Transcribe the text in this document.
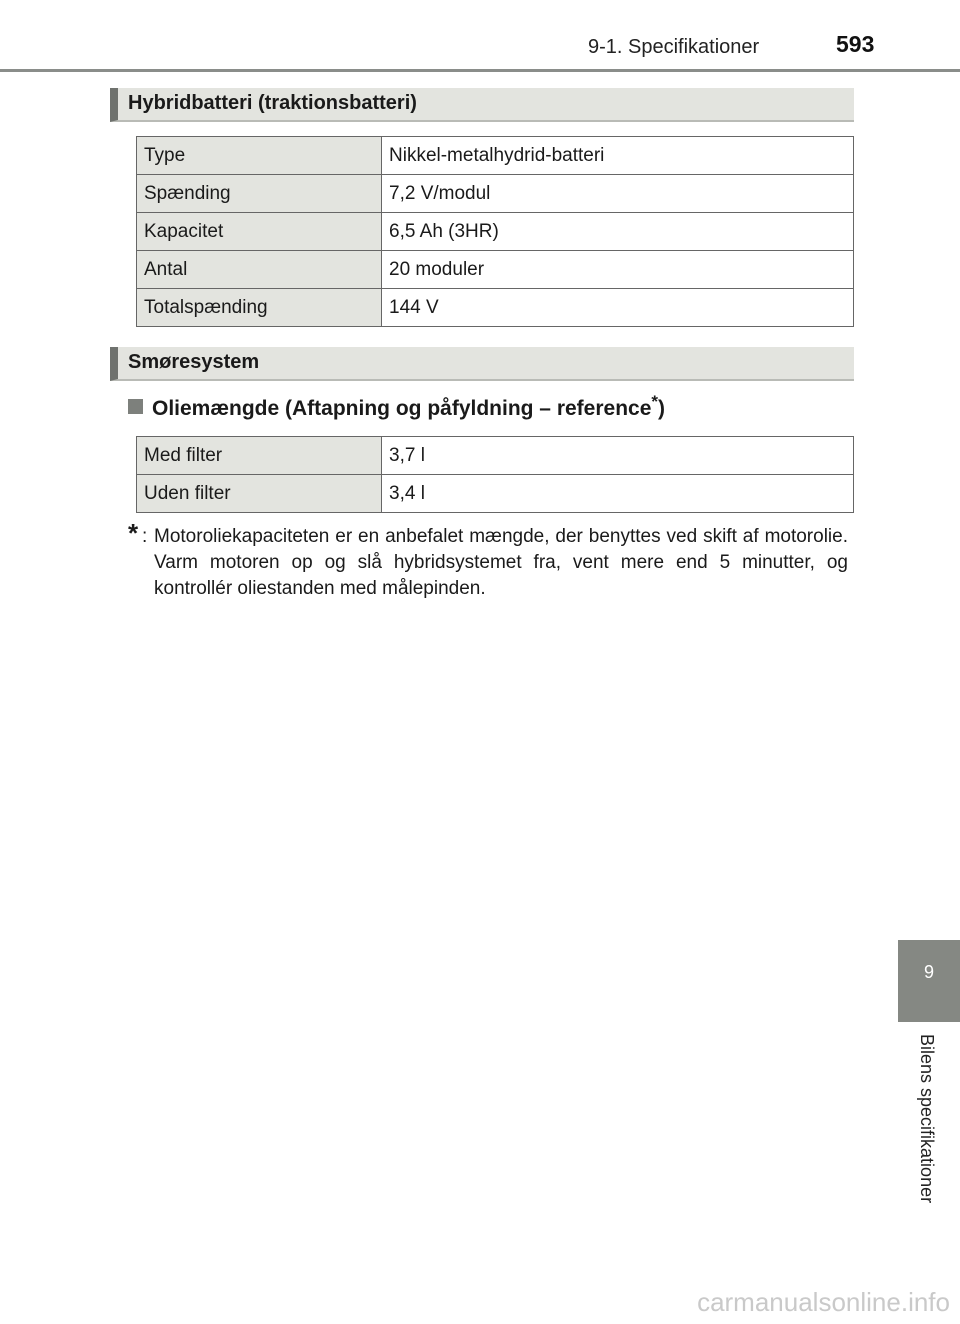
9-1. Specifikationer	593
Hybridbatteri (traktionsbatteri)
Type	Nikkel-metalhydrid-batteri
Spænding	7,2 V/modul
Kapacitet	6,5 Ah (3HR)
Antal	20 moduler
Totalspænding	144 V
Smøresystem
Oliemængde (Aftapning og påfyldning – reference*)
Med filter	3,7 l
Uden filter	3,4 l
* : Motoroliekapaciteten er en anbefalet mængde, der benyttes ved skift af motorolie. Varm motoren op og slå hybridsystemet fra, vent mere end 5 minutter, og kontrollér oliestanden med målepinden.
9
Bilens specifikationer
carmanualsonline.info
